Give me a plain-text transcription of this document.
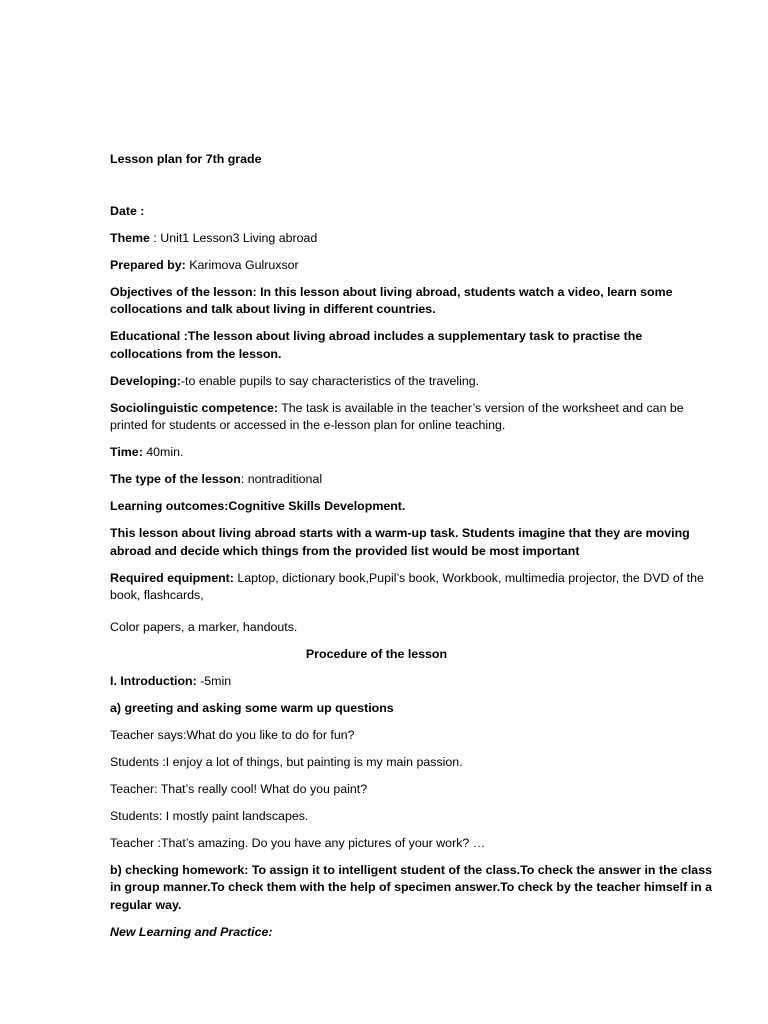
Lesson plan for 7th grade

Date :

Theme : Unit1 Lesson3 Living abroad

Prepared by: Karimova Gulruxsor

Objectives of the lesson: In this lesson about living abroad, students watch a video, learn some collocations and talk about living in different countries.

Educational :The lesson about living abroad includes a supplementary task to practise the collocations from the lesson.

Developing:-to enable pupils to say characteristics of the traveling.

Sociolinguistic competence: The task is available in the teacher’s version of the worksheet and can be printed for students or accessed in the e-lesson plan for online teaching.

Time: 40min.

The type of the lesson: nontraditional

Learning outcomes:Cognitive Skills Development.

This lesson about living abroad starts with a warm-up task. Students imagine that they are moving abroad and decide which things from the provided list would be most important

Required equipment: Laptop, dictionary book,Pupil’s book, Workbook, multimedia projector, the DVD of the book, flashcards,

Color papers, a marker, handouts.

Procedure of the lesson

I. Introduction: -5min

a) greeting and asking some warm up questions

Teacher says:What do you like to do for fun?

Students :I enjoy a lot of things, but painting is my main passion.

Teacher: That’s really cool! What do you paint?

Students: I mostly paint landscapes.

Teacher :That’s amazing. Do you have any pictures of your work? …

b) checking homework: To assign it to intelligent student of the class.To check the answer in the class in group manner.To check them with the help of specimen answer.To check by the teacher himself in a regular way.

New Learning and Practice:
